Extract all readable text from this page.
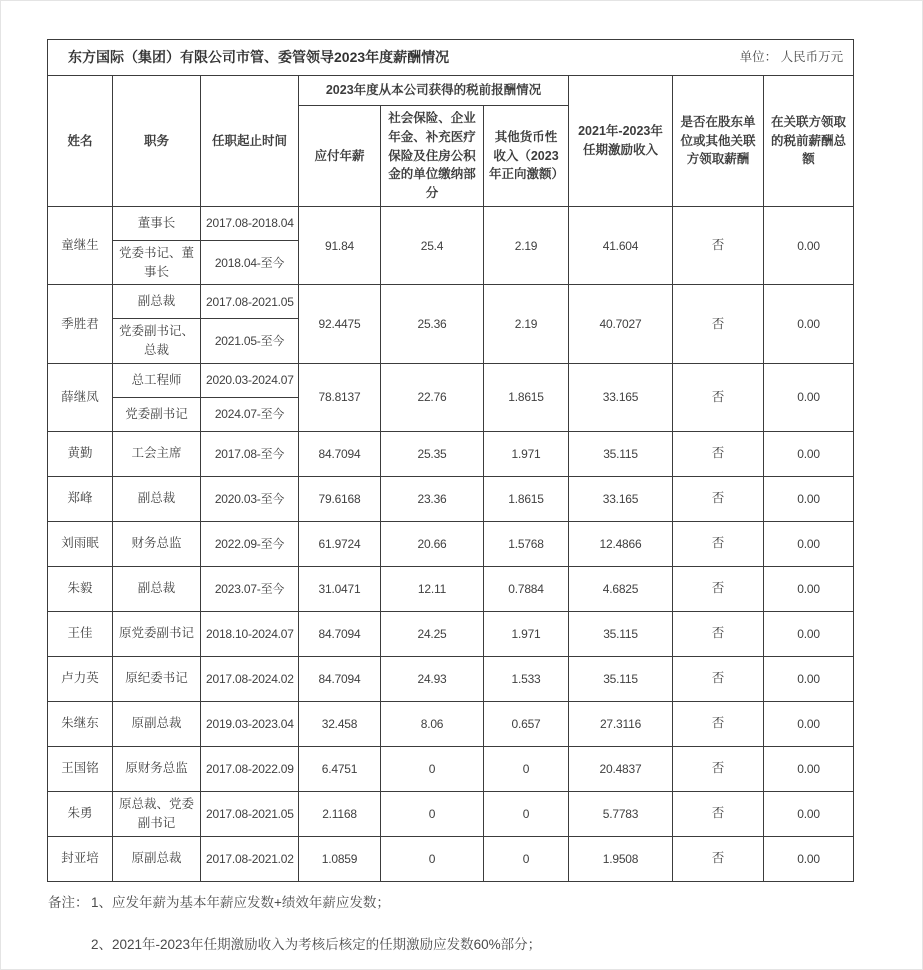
东方国际（集团）有限公司市管、委管领导2023年度薪酬情况 单位： 人民币万元								

姓名	职务	任职起止时间	2023年度从本公司获得的税前报酬情况			2021年-2023年任期激励收入	是否在股东单位或其他关联方领取薪酬	在关联方领取的税前薪酬总额
			应付年薪	社会保险、企业年金、补充医疗保险及住房公积金的单位缴纳部分	其他货币性收入（2023年正向激额）			
童继生	董事长	2017.08-2018.04	91.84	25.4	2.19	41.604	否	0.00
	党委书记、董事长	2018.04-至今						
季胜君	副总裁	2017.08-2021.05	92.4475	25.36	2.19	40.7027	否	0.00
	党委副书记、总裁	2021.05-至今						
薛继凤	总工程师	2020.03-2024.07	78.8137	22.76	1.8615	33.165	否	0.00
	党委副书记	2024.07-至今						
黄勤	工会主席	2017.08-至今	84.7094	25.35	1.971	35.115	否	0.00
郑峰	副总裁	2020.03-至今	79.6168	23.36	1.8615	33.165	否	0.00
刘雨眠	财务总监	2022.09-至今	61.9724	20.66	1.5768	12.4866	否	0.00
朱毅	副总裁	2023.07-至今	31.0471	12.11	0.7884	4.6825	否	0.00
王佳	原党委副书记	2018.10-2024.07	84.7094	24.25	1.971	35.115	否	0.00
卢力英	原纪委书记	2017.08-2024.02	84.7094	24.93	1.533	35.115	否	0.00
朱继东	原副总裁	2019.03-2023.04	32.458	8.06	0.657	27.3116	否	0.00
王国铭	原财务总监	2017.08-2022.09	6.4751	0	0	20.4837	否	0.00
朱勇	原总裁、党委副书记	2017.08-2021.05	2.1168	0	0	5.7783	否	0.00
封亚培	原副总裁	2017.08-2021.02	1.0859	0	0	1.9508	否	0.00
备注： 1、应发年薪为基本年薪应发数+绩效年薪应发数；
2、2021年-2023年任期激励收入为考核后核定的任期激励应发数60%部分；
